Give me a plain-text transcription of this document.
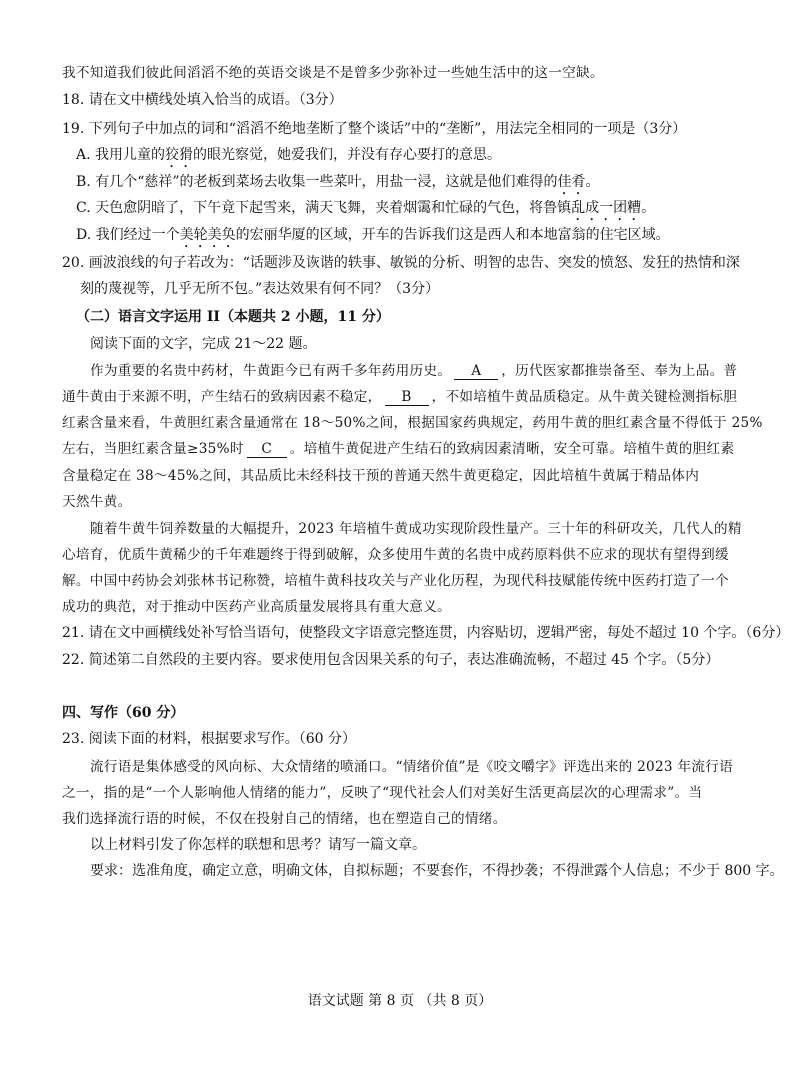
我不知道我们彼此间滔滔不绝的英语交谈是不是曾多少弥补过一些她生活中的这一空缺。
18. 请在文中横线处填入恰当的成语。（3分）
19. 下列句子中加点的词和“滔滔不绝地垄断了整个谈话”中的“垄断”，用法完全相同的一项是（3分）
A. 我用儿童的狡猾的眼光察觉，她爱我们，并没有存心要打的意思。
B. 有几个“慈祥”的老板到菜场去收集一些菜叶，用盐一浸，这就是他们难得的佳肴。
C. 天色愈阴暗了，下午竟下起雪来，满天飞舞，夹着烟霭和忙碌的气色，将鲁镇乱成一团糟。
D. 我们经过一个美轮美奂的宏丽华厦的区域，开车的告诉我们这是西人和本地富翁的住宅区域。
20. 画波浪线的句子若改为：“话题涉及诙谐的轶事、敏锐的分析、明智的忠告、突发的愤怒、发狂的热情和深
刻的蔑视等，几乎无所不包。”表达效果有何不同？（3分）
（二）语言文字运用 II（本题共 2 小题，11 分）
阅读下面的文字，完成 21～22 题。
作为重要的名贵中药材，牛黄距今已有两千多年药用历史。 A ，历代医家都推崇备至、奉为上品。普
通牛黄由于来源不明，产生结石的致病因素不稳定， B ，不如培植牛黄品质稳定。从牛黄关键检测指标胆
红素含量来看，牛黄胆红素含量通常在 18～50%之间，根据国家药典规定，药用牛黄的胆红素含量不得低于 25%
左右，当胆红素含量≥35%时 C 。培植牛黄促进产生结石的致病因素清晰，安全可靠。培植牛黄的胆红素
含量稳定在 38～45%之间，其品质比未经科技干预的普通天然牛黄更稳定，因此培植牛黄属于精品体内
天然牛黄。
随着牛黄牛饲养数量的大幅提升，2023 年培植牛黄成功实现阶段性量产。三十年的科研攻关，几代人的精
心培育，优质牛黄稀少的千年难题终于得到破解，众多使用牛黄的名贵中成药原料供不应求的现状有望得到缓
解。中国中药协会刘张林书记称赞，培植牛黄科技攻关与产业化历程，为现代科技赋能传统中医药打造了一个
成功的典范，对于推动中医药产业高质量发展将具有重大意义。
21. 请在文中画横线处补写恰当语句，使整段文字语意完整连贯，内容贴切，逻辑严密，每处不超过 10 个字。（6分）
22. 简述第二自然段的主要内容。要求使用包含因果关系的句子，表达准确流畅，不超过 45 个字。（5分）
四、写作（60 分）
23. 阅读下面的材料，根据要求写作。（60 分）
流行语是集体感受的风向标、大众情绪的喷涌口。“情绪价值”是《咬文嚼字》评选出来的 2023 年流行语
之一，指的是“一个人影响他人情绪的能力”，反映了“现代社会人们对美好生活更高层次的心理需求”。当
我们选择流行语的时候，不仅在投射自己的情绪，也在塑造自己的情绪。
以上材料引发了你怎样的联想和思考？请写一篇文章。
要求：选准角度，确定立意，明确文体，自拟标题；不要套作，不得抄袭；不得泄露个人信息；不少于 800 字。
语文试题 第 8 页 （共 8 页）
